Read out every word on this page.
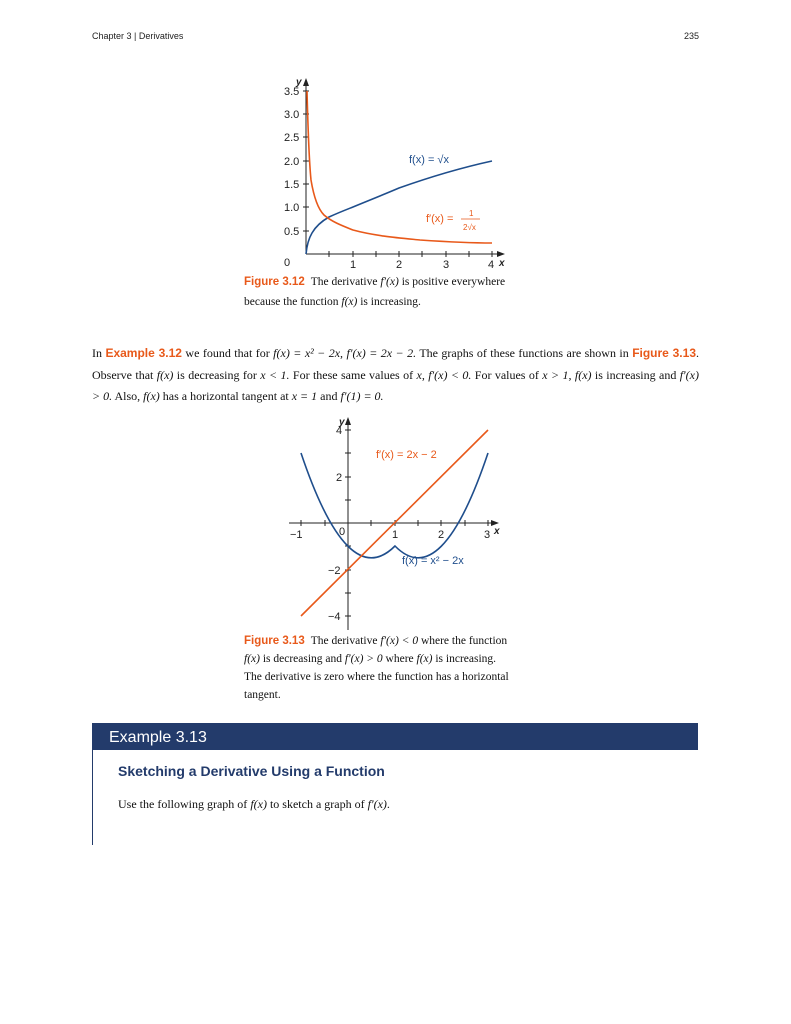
Chapter 3 | Derivatives	235
0	1	2	3	4 x
y
0.5
1.0
1.5
2.0
2.5
3.0
3.5
f(x) = √x
f′(x) = 1
2√x
Figure 3.12 The derivative f′(x) is positive everywhere
because the function f(x) is increasing.
In Example 3.12 we found that for f(x) = x² − 2x, f′(x) = 2x − 2. The graphs of these functions are shown in Figure 3.13. Observe that f(x) is decreasing for x < 1. For these same values of x, f′(x) < 0. For values of x > 1, f(x) is increasing and f′(x) > 0. Also, f(x) has a horizontal tangent at x = 1 and f′(1) = 0.
−1	0	1	2	3 x
y
4
2
−2
−4
f′(x) = 2x − 2
f(x) = x² − 2x
Figure 3.13 The derivative f′(x) < 0 where the function
f(x) is decreasing and f′(x) > 0 where f(x) is increasing.
The derivative is zero where the function has a horizontal
tangent.
Example 3.13
Sketching a Derivative Using a Function
Use the following graph of f(x) to sketch a graph of f′(x).
